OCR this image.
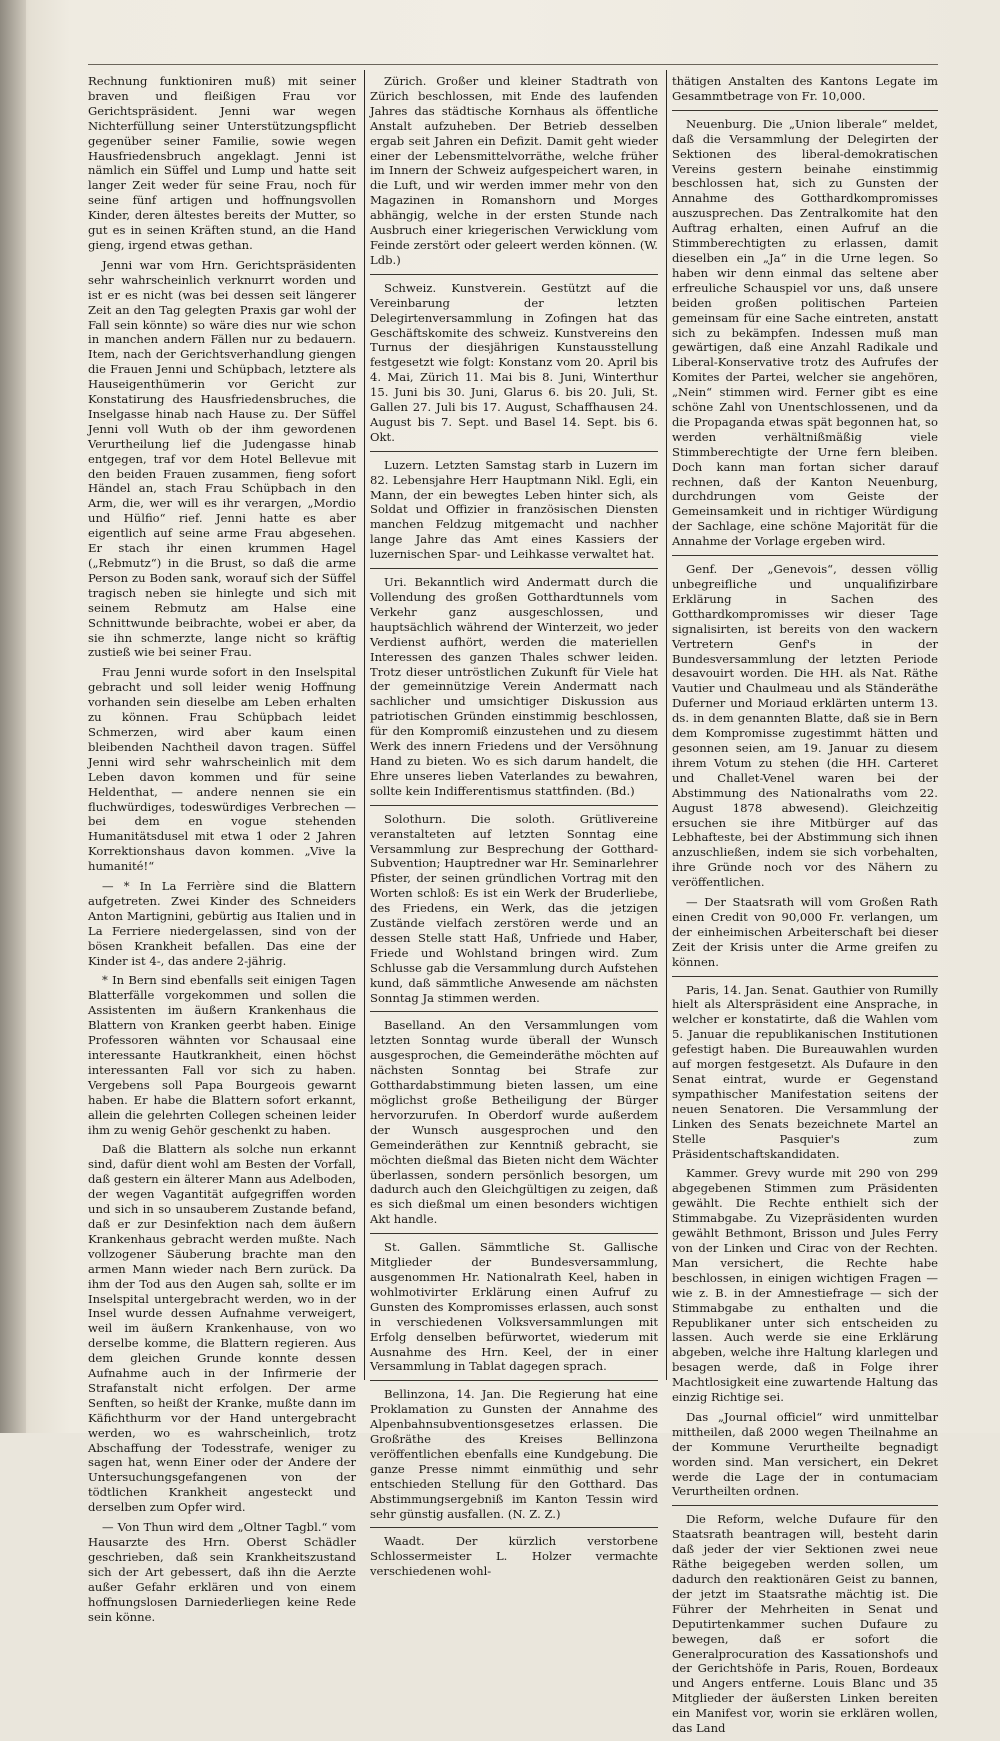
Rechnung funktioniren muß) mit seiner braven und fleißigen Frau vor Gerichtspräsident. Jenni war wegen Nichterfüllung seiner Unterstützungspflicht gegenüber seiner Familie, sowie wegen Hausfriedensbruch angeklagt. Jenni ist nämlich ein Süffel und Lump und hatte seit langer Zeit weder für seine Frau, noch für seine fünf artigen und hoffnungsvollen Kinder, deren ältestes bereits der Mutter, so gut es in seinen Kräften stund, an die Hand gieng, irgend etwas gethan.

Jenni war vom Hrn. Gerichtspräsidenten sehr wahrscheinlich verknurrt worden und ist er es nicht (was bei dessen seit längerer Zeit an den Tag gelegten Praxis gar wohl der Fall sein könnte) so wäre dies nur wie schon in manchen andern Fällen nur zu bedauern. Item, nach der Gerichtsverhandlung giengen die Frauen Jenni und Schüpbach, letztere als Hauseigenthümerin vor Gericht zur Konstatirung des Hausfriedensbruches, die Inselgasse hinab nach Hause zu. Der Süffel Jenni voll Wuth ob der ihm gewordenen Verurtheilung lief die Judengasse hinab entgegen, traf vor dem Hotel Bellevue mit den beiden Frauen zusammen, fieng sofort Händel an, stach Frau Schüpbach in den Arm, die, wer will es ihr verargen, „Mordio und Hülfio“ rief. Jenni hatte es aber eigentlich auf seine arme Frau abgesehen. Er stach ihr einen krummen Hagel („Rebmutz“) in die Brust, so daß die arme Person zu Boden sank, worauf sich der Süffel tragisch neben sie hinlegte und sich mit seinem Rebmutz am Halse eine Schnittwunde beibrachte, wobei er aber, da sie ihn schmerzte, lange nicht so kräftig zustieß wie bei seiner Frau.

Frau Jenni wurde sofort in den Inselspital gebracht und soll leider wenig Hoffnung vorhanden sein dieselbe am Leben erhalten zu können. Frau Schüpbach leidet Schmerzen, wird aber kaum einen bleibenden Nachtheil davon tragen. Süffel Jenni wird sehr wahrscheinlich mit dem Leben davon kommen und für seine Heldenthat, — andere nennen sie ein fluchwürdiges, todeswürdiges Verbrechen — bei dem en vogue stehenden Humanitätsdusel mit etwa 1 oder 2 Jahren Korrektionshaus davon kommen. „Vive la humanité!“

— * In La Ferrière sind die Blattern aufgetreten. Zwei Kinder des Schneiders Anton Martignini, gebürtig aus Italien und in La Ferriere niedergelassen, sind von der bösen Krankheit befallen. Das eine der Kinder ist 4-, das andere 2-jährig.

* In Bern sind ebenfalls seit einigen Tagen Blatterfälle vorgekommen und sollen die Assistenten im äußern Krankenhaus die Blattern von Kranken geerbt haben. Einige Professoren wähnten vor Schausaal eine interessante Hautkrankheit, einen höchst interessanten Fall vor sich zu haben. Vergebens soll Papa Bourgeois gewarnt haben. Er habe die Blattern sofort erkannt, allein die gelehrten Collegen scheinen leider ihm zu wenig Gehör geschenkt zu haben.

Daß die Blattern als solche nun erkannt sind, dafür dient wohl am Besten der Vorfall, daß gestern ein älterer Mann aus Adelboden, der wegen Vagantität aufgegriffen worden und sich in so unsauberem Zustande befand, daß er zur Desinfektion nach dem äußern Krankenhaus gebracht werden mußte. Nach vollzogener Säuberung brachte man den armen Mann wieder nach Bern zurück. Da ihm der Tod aus den Augen sah, sollte er im Inselspital untergebracht werden, wo in der Insel wurde dessen Aufnahme verweigert, weil im äußern Krankenhause, von wo derselbe komme, die Blattern regieren. Aus dem gleichen Grunde konnte dessen Aufnahme auch in der Infirmerie der Strafanstalt nicht erfolgen. Der arme Senften, so heißt der Kranke, mußte dann im Käfichthurm vor der Hand untergebracht werden, wo es wahrscheinlich, trotz Abschaffung der Todesstrafe, weniger zu sagen hat, wenn Einer oder der Andere der Untersuchungsgefangenen von der tödtlichen Krankheit angesteckt und derselben zum Opfer wird.

— Von Thun wird dem „Oltner Tagbl.“ vom Hausarzte des Hrn. Oberst Schädler geschrieben, daß sein Krankheitszustand sich der Art gebessert, daß ihn die Aerzte außer Gefahr erklären und von einem hoffnungslosen Darniederliegen keine Rede sein könne.

Zürich. Großer und kleiner Stadtrath von Zürich beschlossen, mit Ende des laufenden Jahres das städtische Kornhaus als öffentliche Anstalt aufzuheben. Der Betrieb desselben ergab seit Jahren ein Defizit. Damit geht wieder einer der Lebensmittelvorräthe, welche früher im Innern der Schweiz aufgespeichert waren, in die Luft, und wir werden immer mehr von den Magazinen in Romanshorn und Morges abhängig, welche in der ersten Stunde nach Ausbruch einer kriegerischen Verwicklung vom Feinde zerstört oder geleert werden können. (W. Ldb.)

Schweiz. Kunstverein. Gestützt auf die Vereinbarung der letzten Delegirtenversammlung in Zofingen hat das Geschäftskomite des schweiz. Kunstvereins den Turnus der diesjährigen Kunstausstellung festgesetzt wie folgt: Konstanz vom 20. April bis 4. Mai, Zürich 11. Mai bis 8. Juni, Winterthur 15. Juni bis 30. Juni, Glarus 6. bis 20. Juli, St. Gallen 27. Juli bis 17. August, Schaffhausen 24. August bis 7. Sept. und Basel 14. Sept. bis 6. Okt.

Luzern. Letzten Samstag starb in Luzern im 82. Lebensjahre Herr Hauptmann Nikl. Egli, ein Mann, der ein bewegtes Leben hinter sich, als Soldat und Offizier in französischen Diensten manchen Feldzug mitgemacht und nachher lange Jahre das Amt eines Kassiers der luzernischen Spar- und Leihkasse verwaltet hat.

Uri. Bekanntlich wird Andermatt durch die Vollendung des großen Gotthardtunnels vom Verkehr ganz ausgeschlossen, und hauptsächlich während der Winterzeit, wo jeder Verdienst aufhört, werden die materiellen Interessen des ganzen Thales schwer leiden. Trotz dieser untröstlichen Zukunft für Viele hat der gemeinnützige Verein Andermatt nach sachlicher und umsichtiger Diskussion aus patriotischen Gründen einstimmig beschlossen, für den Kompromiß einzustehen und zu diesem Werk des innern Friedens und der Versöhnung Hand zu bieten. Wo es sich darum handelt, die Ehre unseres lieben Vaterlandes zu bewahren, sollte kein Indifferentismus stattfinden. (Bd.)

Solothurn. Die soloth. Grütlivereine veranstalteten auf letzten Sonntag eine Versammlung zur Besprechung der Gotthard-Subvention; Hauptredner war Hr. Seminarlehrer Pfister, der seinen gründlichen Vortrag mit den Worten schloß: Es ist ein Werk der Bruderliebe, des Friedens, ein Werk, das die jetzigen Zustände vielfach zerstören werde und an dessen Stelle statt Haß, Unfriede und Haber, Friede und Wohlstand bringen wird. Zum Schlusse gab die Versammlung durch Aufstehen kund, daß sämmtliche Anwesende am nächsten Sonntag Ja stimmen werden.

Baselland. An den Versammlungen vom letzten Sonntag wurde überall der Wunsch ausgesprochen, die Gemeinderäthe möchten auf nächsten Sonntag bei Strafe zur Gotthardabstimmung bieten lassen, um eine möglichst große Betheiligung der Bürger hervorzurufen. In Oberdorf wurde außerdem der Wunsch ausgesprochen und den Gemeinderäthen zur Kenntniß gebracht, sie möchten dießmal das Bieten nicht dem Wächter überlassen, sondern persönlich besorgen, um dadurch auch den Gleichgültigen zu zeigen, daß es sich dießmal um einen besonders wichtigen Akt handle.

St. Gallen. Sämmtliche St. Gallische Mitglieder der Bundesversammlung, ausgenommen Hr. Nationalrath Keel, haben in wohlmotivirter Erklärung einen Aufruf zu Gunsten des Kompromisses erlassen, auch sonst in verschiedenen Volksversammlungen mit Erfolg denselben befürwortet, wiederum mit Ausnahme des Hrn. Keel, der in einer Versammlung in Tablat dagegen sprach.

Bellinzona, 14. Jan. Die Regierung hat eine Proklamation zu Gunsten der Annahme des Alpenbahnsubventionsgesetzes erlassen. Die Großräthe des Kreises Bellinzona veröffentlichen ebenfalls eine Kundgebung. Die ganze Presse nimmt einmüthig und sehr entschieden Stellung für den Gotthard. Das Abstimmungsergebniß im Kanton Tessin wird sehr günstig ausfallen. (N. Z. Z.)

Waadt. Der kürzlich verstorbene Schlossermeister L. Holzer vermachte verschiedenen wohl-

thätigen Anstalten des Kantons Legate im Gesammtbetrage von Fr. 10,000.

Neuenburg. Die „Union liberale“ meldet, daß die Versammlung der Delegirten der Sektionen des liberal-demokratischen Vereins gestern beinahe einstimmig beschlossen hat, sich zu Gunsten der Annahme des Gotthardkompromisses auszusprechen. Das Zentralkomite hat den Auftrag erhalten, einen Aufruf an die Stimmberechtigten zu erlassen, damit dieselben ein „Ja“ in die Urne legen. So haben wir denn einmal das seltene aber erfreuliche Schauspiel vor uns, daß unsere beiden großen politischen Parteien gemeinsam für eine Sache eintreten, anstatt sich zu bekämpfen. Indessen muß man gewärtigen, daß eine Anzahl Radikale und Liberal-Konservative trotz des Aufrufes der Komites der Partei, welcher sie angehören, „Nein“ stimmen wird. Ferner gibt es eine schöne Zahl von Unentschlossenen, und da die Propaganda etwas spät begonnen hat, so werden verhältnißmäßig viele Stimmberechtigte der Urne fern bleiben. Doch kann man fortan sicher darauf rechnen, daß der Kanton Neuenburg, durchdrungen vom Geiste der Gemeinsamkeit und in richtiger Würdigung der Sachlage, eine schöne Majorität für die Annahme der Vorlage ergeben wird.

Genf. Der „Genevois“, dessen völlig unbegreifliche und unqualifizirbare Erklärung in Sachen des Gotthardkompromisses wir dieser Tage signalisirten, ist bereits von den wackern Vertretern Genf's in der Bundesversammlung der letzten Periode desavouirt worden. Die HH. als Nat. Räthe Vautier und Chaulmeau und als Ständeräthe Duferner und Moriaud erklärten unterm 13. ds. in dem genannten Blatte, daß sie in Bern dem Kompromisse zugestimmt hätten und gesonnen seien, am 19. Januar zu diesem ihrem Votum zu stehen (die HH. Carteret und Challet-Venel waren bei der Abstimmung des Nationalraths vom 22. August 1878 abwesend). Gleichzeitig ersuchen sie ihre Mitbürger auf das Lebhafteste, bei der Abstimmung sich ihnen anzuschließen, indem sie sich vorbehalten, ihre Gründe noch vor des Nähern zu veröffentlichen.

— Der Staatsrath will vom Großen Rath einen Credit von 90,000 Fr. verlangen, um der einheimischen Arbeiterschaft bei dieser Zeit der Krisis unter die Arme greifen zu können.

Paris, 14. Jan. Senat. Gauthier von Rumilly hielt als Alterspräsident eine Ansprache, in welcher er konstatirte, daß die Wahlen vom 5. Januar die republikanischen Institutionen gefestigt haben. Die Bureauwahlen wurden auf morgen festgesetzt. Als Dufaure in den Senat eintrat, wurde er Gegenstand sympathischer Manifestation seitens der neuen Senatoren. Die Versammlung der Linken des Senats bezeichnete Martel an Stelle Pasquier's zum Präsidentschaftskandidaten.

Kammer. Grevy wurde mit 290 von 299 abgegebenen Stimmen zum Präsidenten gewählt. Die Rechte enthielt sich der Stimmabgabe. Zu Vizepräsidenten wurden gewählt Bethmont, Brisson und Jules Ferry von der Linken und Cirac von der Rechten. Man versichert, die Rechte habe beschlossen, in einigen wichtigen Fragen — wie z. B. in der Amnestiefrage — sich der Stimmabgabe zu enthalten und die Republikaner unter sich entscheiden zu lassen. Auch werde sie eine Erklärung abgeben, welche ihre Haltung klarlegen und besagen werde, daß in Folge ihrer Machtlosigkeit eine zuwartende Haltung das einzig Richtige sei.

Das „Journal officiel“ wird unmittelbar mittheilen, daß 2000 wegen Theilnahme an der Kommune Verurtheilte begnadigt worden sind. Man versichert, ein Dekret werde die Lage der in contumaciam Verurtheilten ordnen.

Die Reform, welche Dufaure für den Staatsrath beantragen will, besteht darin daß jeder der vier Sektionen zwei neue Räthe beigegeben werden sollen, um dadurch den reaktionären Geist zu bannen, der jetzt im Staatsrathe mächtig ist. Die Führer der Mehrheiten in Senat und Deputirtenkammer suchen Dufaure zu bewegen, daß er sofort die Generalprocuration des Kassationshofs und der Gerichtshöfe in Paris, Rouen, Bordeaux und Angers entferne. Louis Blanc und 35 Mitglieder der äußersten Linken bereiten ein Manifest vor, worin sie erklären wollen, das Land
